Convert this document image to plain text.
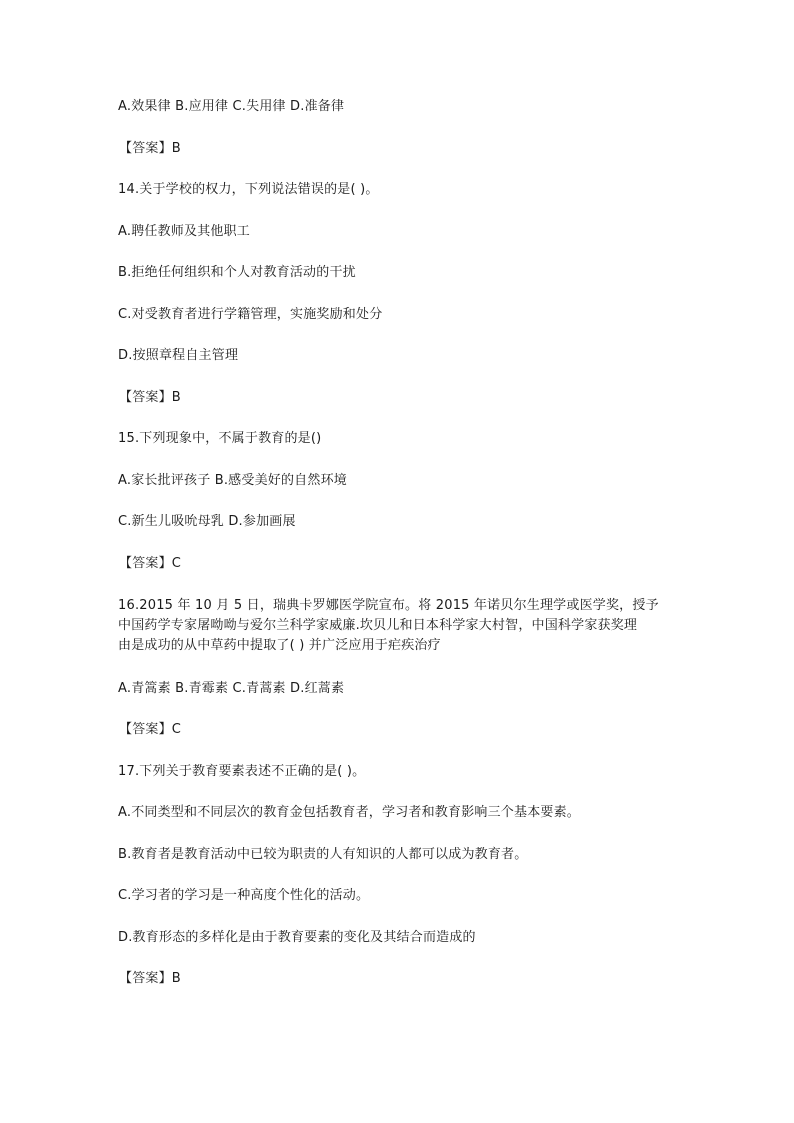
A.效果律 B.应用律 C.失用律 D.准备律
【答案】B
14.关于学校的权力，下列说法错误的是( )。
A.聘任教师及其他职工
B.拒绝任何组织和个人对教育活动的干扰
C.对受教育者进行学籍管理，实施奖励和处分
D.按照章程自主管理
【答案】B
15.下列现象中，不属于教育的是()
A.家长批评孩子 B.感受美好的自然环境
C.新生儿吸吮母乳 D.参加画展
【答案】C
16.2015 年 10 月 5 日，瑞典卡罗娜医学院宣布。将 2015 年诺贝尔生理学或医学奖，授予
中国药学专家屠呦呦与爱尔兰科学家威廉.坎贝儿和日本科学家大村智，中国科学家获奖理
由是成功的从中草药中提取了( ) 并广泛应用于疟疾治疗
A.青篙素 B.青霉素 C.青蒿素 D.红蒿素
【答案】C
17.下列关于教育要素表述不正确的是( )。
A.不同类型和不同层次的教育金包括教育者，学习者和教育影响三个基本要素。
B.教育者是教育活动中已较为职责的人有知识的人都可以成为教育者。
C.学习者的学习是一种高度个性化的活动。
D.教育形态的多样化是由于教育要素的变化及其结合而造成的
【答案】B
